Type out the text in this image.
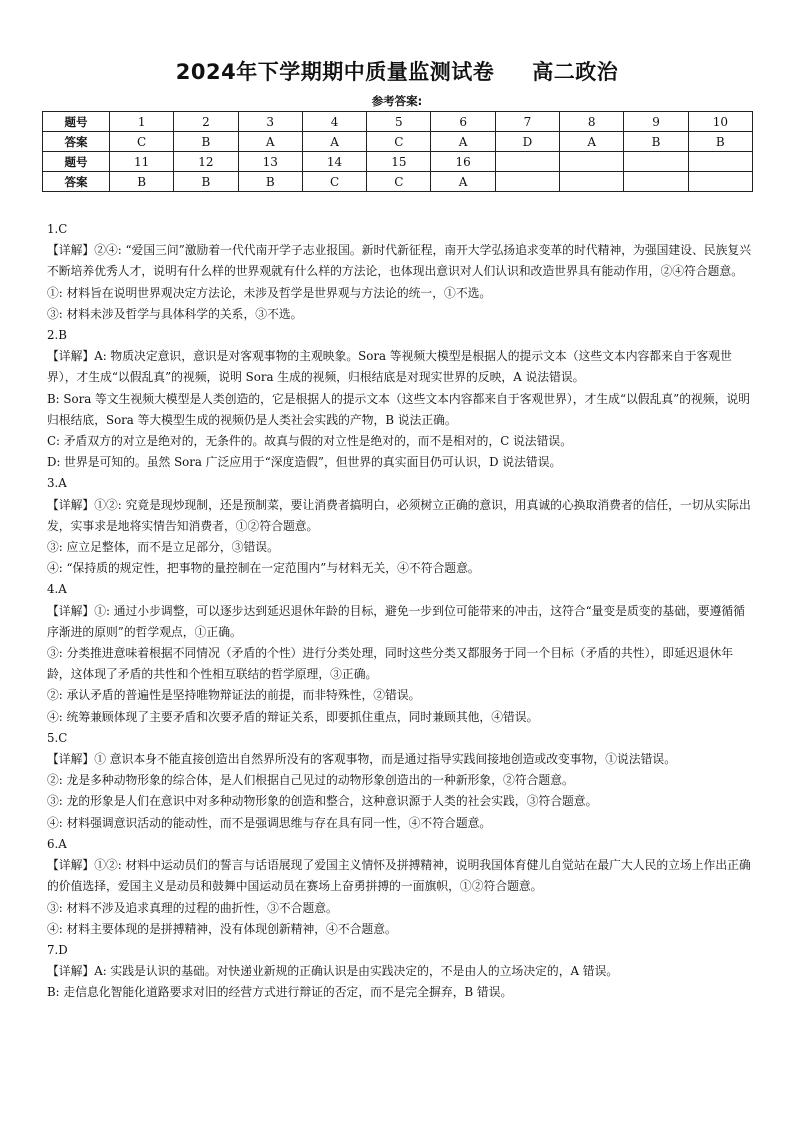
2024年下学期期中质量监测试卷 高二政治
参考答案:
题号	1	2	3	4	5	6	7	8	9	10
答案	C	B	A	A	C	A	D	A	B	B
题号	11	12	13	14	15	16				
答案	B	B	B	C	C	A				

1.C

【详解】②④: “爱国三问”激励着一代代南开学子志业报国。新时代新征程，南开大学弘扬追求变革的时代精神，为强国建设、民族复兴不断培养优秀人才，说明有什么样的世界观就有什么样的方法论，也体现出意识对人们认识和改造世界具有能动作用，②④符合题意。

①: 材料旨在说明世界观决定方法论，未涉及哲学是世界观与方法论的统一，①不选。

③: 材料未涉及哲学与具体科学的关系，③不选。

2.B

【详解】A: 物质决定意识，意识是对客观事物的主观映象。Sora 等视频大模型是根据人的提示文本（这些文本内容都来自于客观世界），才生成“以假乱真”的视频，说明 Sora 生成的视频，归根结底是对现实世界的反映，A 说法错误。

B: Sora 等文生视频大模型是人类创造的，它是根据人的提示文本（这些文本内容都来自于客观世界），才生成“以假乱真”的视频，说明归根结底，Sora 等大模型生成的视频仍是人类社会实践的产物，B 说法正确。

C: 矛盾双方的对立是绝对的，无条件的。故真与假的对立性是绝对的，而不是相对的，C 说法错误。

D: 世界是可知的。虽然 Sora 广泛应用于“深度造假”，但世界的真实面目仍可认识，D 说法错误。

3.A

【详解】①②: 究竟是现炒现制，还是预制菜，要让消费者搞明白，必须树立正确的意识，用真诚的心换取消费者的信任，一切从实际出发，实事求是地将实情告知消费者，①②符合题意。

③: 应立足整体，而不是立足部分，③错误。

④: “保持质的规定性，把事物的量控制在一定范围内”与材料无关，④不符合题意。

4.A

【详解】①: 通过小步调整，可以逐步达到延迟退休年龄的目标，避免一步到位可能带来的冲击，这符合“量变是质变的基础，要遵循循序渐进的原则”的哲学观点，①正确。

③: 分类推进意味着根据不同情况（矛盾的个性）进行分类处理，同时这些分类又都服务于同一个目标（矛盾的共性），即延迟退休年龄，这体现了矛盾的共性和个性相互联结的哲学原理，③正确。

②: 承认矛盾的普遍性是坚持唯物辩证法的前提，而非特殊性，②错误。

④: 统筹兼顾体现了主要矛盾和次要矛盾的辩证关系，即要抓住重点，同时兼顾其他，④错误。

5.C

【详解】① 意识本身不能直接创造出自然界所没有的客观事物，而是通过指导实践间接地创造或改变事物，①说法错误。

②: 龙是多种动物形象的综合体，是人们根据自己见过的动物形象创造出的一种新形象，②符合题意。

③: 龙的形象是人们在意识中对多种动物形象的创造和整合，这种意识源于人类的社会实践，③符合题意。

④: 材料强调意识活动的能动性，而不是强调思维与存在具有同一性，④不符合题意。

6.A

【详解】①②: 材料中运动员们的誓言与话语展现了爱国主义情怀及拼搏精神，说明我国体育健儿自觉站在最广大人民的立场上作出正确的价值选择，爱国主义是动员和鼓舞中国运动员在赛场上奋勇拼搏的一面旗帜，①②符合题意。

③: 材料不涉及追求真理的过程的曲折性，③不合题意。

④: 材料主要体现的是拼搏精神，没有体现创新精神，④不合题意。

7.D

【详解】A: 实践是认识的基础。对快递业新规的正确认识是由实践决定的，不是由人的立场决定的，A 错误。

B: 走信息化智能化道路要求对旧的经营方式进行辩证的否定，而不是完全摒弃，B 错误。
